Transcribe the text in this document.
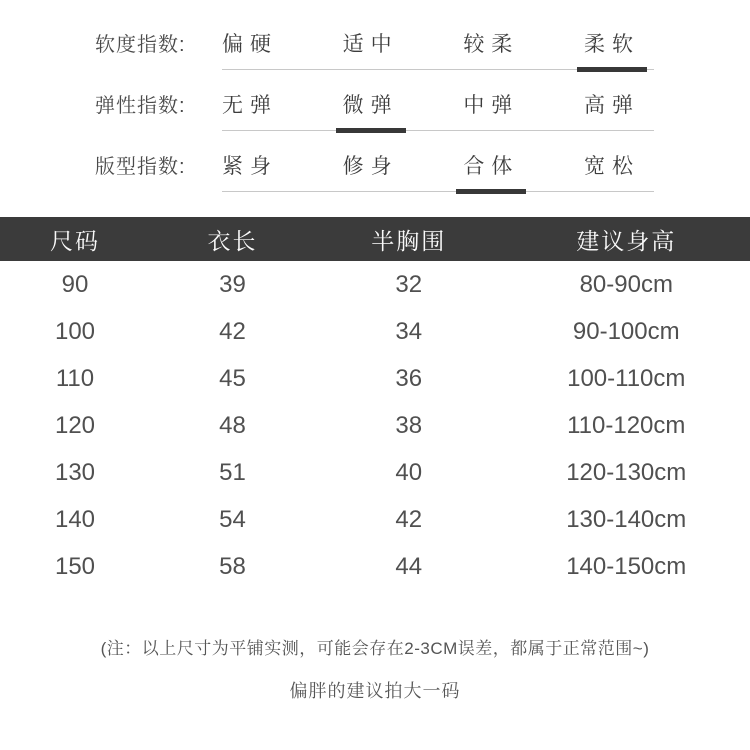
软度指数:	偏硬	适中	较柔	柔软
弹性指数:	无弹	微弹	中弹	高弹
版型指数:	紧身	修身	合体	宽松
尺码	衣长	半胸围	建议身高
90	39	32	80-90cm
100	42	34	90-100cm
110	45	36	100-110cm
120	48	38	110-120cm
130	51	40	120-130cm
140	54	42	130-140cm
150	58	44	140-150cm
(注：以上尺寸为平铺实测，可能会存在2-3CM误差，都属于正常范围~)
偏胖的建议拍大一码
